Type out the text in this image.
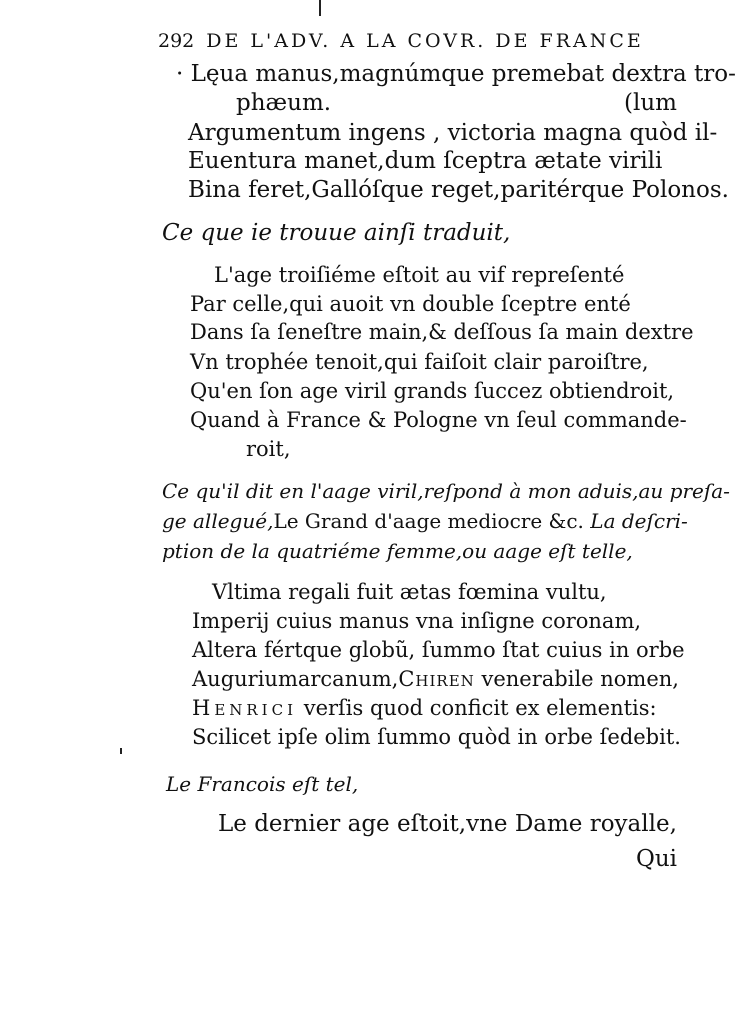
292 DE L'ADV. A LA COVR. DE FRANCE
· Lęua manus,magnúmque premebat dextra tro-
phæum.	(lum
Argumentum ingens , victoria magna quòd il-
Euentura manet,dum ſceptra ætate virili
Bina feret,Gallóſque reget,paritérque Polonos.
Ce que ie trouue ainſi traduit,
L'age troiſiéme eſtoit au vif repreſenté
Par celle,qui auoit vn double ſceptre enté
Dans ſa ſeneſtre main,& deſſous ſa main dextre
Vn trophée tenoit,qui faiſoit clair paroiſtre,
Qu'en ſon age viril grands ſuccez obtiendroit,
Quand à France & Pologne vn ſeul commande-
roit,
Ce qu'il dit en l'aage viril,reſpond à mon aduis,au preſa-
ge allegué,Le Grand d'aage mediocre &c. La deſcri-
ption de la quatriéme femme,ou aage eſt telle,
Vltima regali fuit ætas fœmina vultu,
Imperij cuius manus vna inſigne coronam,
Altera fértque globũ, ſummo ſtat cuius in orbe
Auguriumarcanum,Chiren venerabile nomen,
Henrici verſis quod conficit ex elementis:
Scilicet ipſe olim ſummo quòd in orbe ſedebit.
Le Francois eſt tel,
Le dernier age eſtoit,vne Dame royalle,
Qui
